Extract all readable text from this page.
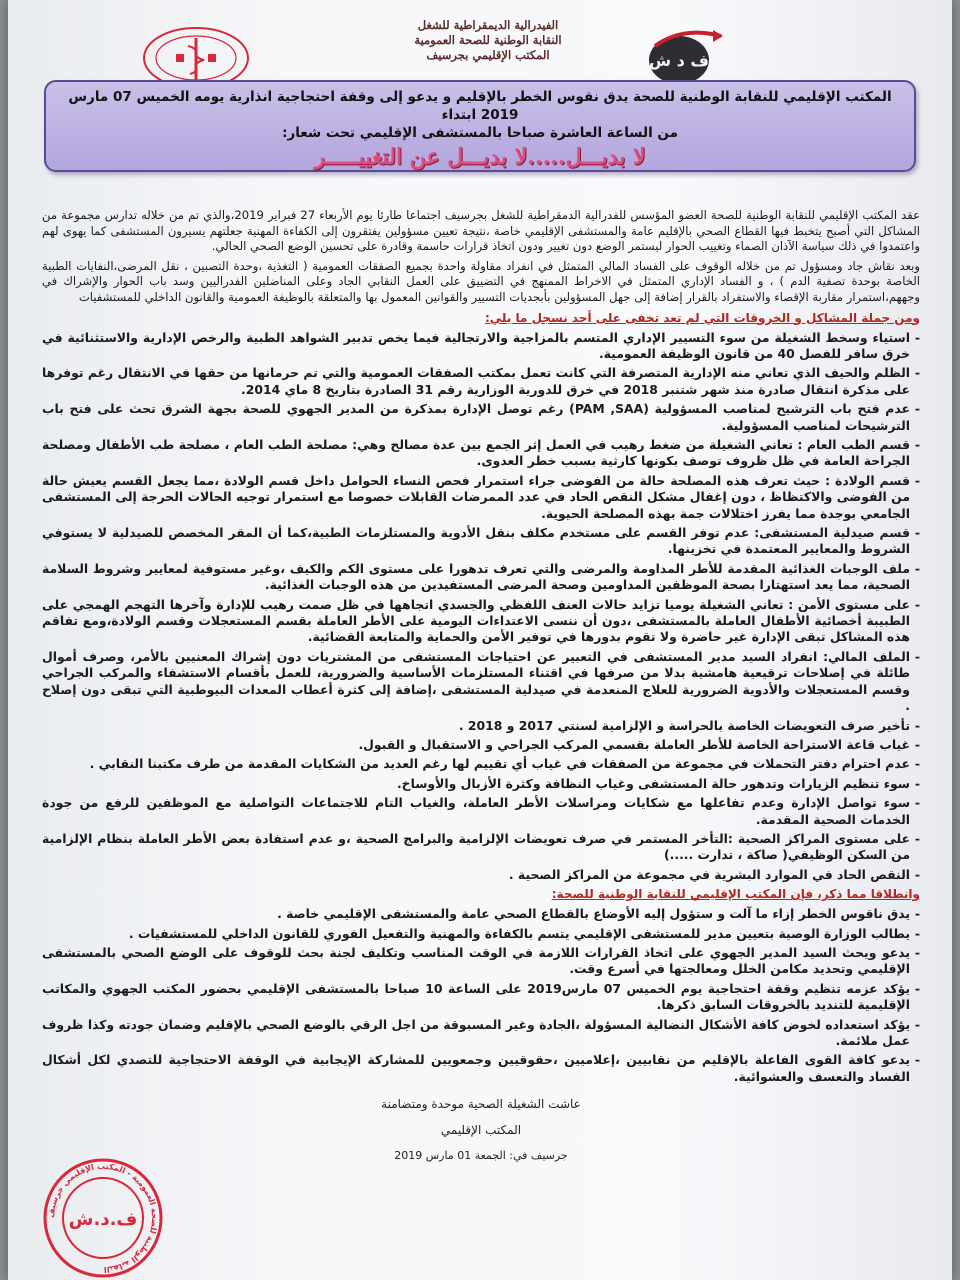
الفيدرالية الديمقراطية للشغل
النقابة الوطنية للصحة العمومية
المكتب الإقليمي بجرسيف	ف د ش
المكتب الإقليمي للنقابة الوطنية للصحة يدق نقوس الخطر بالإقليم و يدعو إلى وقفة احتجاجية انذارية يومه الخميس 07 مارس 2019 ابتداء
من الساعة العاشرة صباحا بالمستشفى الإقليمي تحت شعار:
لا بديـــل.....لا بديـــل عن التغييـــــر

عقد المكتب الإقليمي للنقابة الوطنية للصحة العضو المؤسس للفدرالية الدمقراطية للشغل بجرسيف اجتماعا طارئا يوم الأربعاء 27 فبراير 2019،والذي تم من خلاله تدارس مجموعة من المشاكل التي أصبح يتخبط فيها القطاع الصحي بالإقليم عامة والمستشفى الإقليمي خاصة ،نتيجة تعيين مسؤولين يفتقرون إلى الكفاءة المهنية جعلتهم يسيرون المستشفى كما يهوى لهم واعتمدوا في ذلك سياسة الآذان الصماء وتغييب الحوار ليستمر الوضع دون تغيير ودون اتخاذ قرارات حاسمة وقادرة على تحسين الوضع الصحي الحالي.

وبعد نقاش جاد ومسؤول تم من خلاله الوقوف على الفساد المالي المتمثل في انفراد مقاولة واحدة بجميع الصفقات العمومية ( التغذية ،وحدة التصبين ، نقل المرضى،النفايات الطبية الخاصة بوحدة تصفية الدم ) ، و الفساد الإداري المتمثل في الاخراط الممنهج في التضييق على العمل النقابي الجاد وعلى المناضلين الفدراليين وسد باب الحوار والإشراك في وجههم،استمرار مقاربة الإقصاء والاستفراد بالقرار إضافة إلى جهل المسؤولين بأبجديات التسيير والقوانين المعمول بها والمتعلقة بالوظيفة العمومية والقانون الداخلي للمستشفيات

ومن جملة المشاكل و الخروقات التي لم تعد تخفى على أحد نسجل ما يلي:
- استياء وسخط الشغيلة من سوء التسيير الإداري المتسم بالمزاجية والارتجالية فيما يخص تدبير الشواهد الطبية والرخص الإدارية والاستثنائية في خرق سافر للفصل 40 من قانون الوظيفة العمومية.
- الظلم والحيف الذي تعاني منه الإدارية المتصرفة التي كانت تعمل بمكتب الصفقات العمومية والتي تم حرمانها من حقها في الانتقال رغم توفرها على مذكرة انتقال صادرة منذ شهر شتنبر 2018 في خرق للدورية الوزارية رقم 31 الصادرة بتاريخ 8 ماي 2014.
- عدم فتح باب الترشيح لمناصب المسؤولية (PAM ,SAA) رغم توصل الإدارة بمذكرة من المدير الجهوي للصحة بجهة الشرق تحث على فتح باب الترشيحات لمناصب المسؤولية.
- قسم الطب العام : تعاني الشغيلة من ضغط رهيب في العمل إثر الجمع بين عدة مصالح وهي: مصلحة الطب العام ، مصلحة طب الأطفال ومصلحة الجراحة العامة في ظل ظروف توصف بكونها كارثية بسبب خطر العدوى.
- قسم الولادة : حيث تعرف هذه المصلحة حالة من الفوضى جراء استمرار فحص النساء الحوامل داخل قسم الولادة ،مما يجعل القسم يعيش حالة من الفوضى والاكتظاظ ، دون إغفال مشكل النقص الحاد في عدد الممرضات القابلات خصوصا مع استمرار توجيه الحالات الحرجة إلى المستشفى الجامعي بوجدة مما يفرز اختلالات جمة بهذه المصلحة الحيوية.
- قسم صيدلية المستشفى: عدم توفر القسم على مستخدم مكلف بنقل الأدوية والمستلزمات الطبية،كما أن المقر المخصص للصيدلية لا يستوفي الشروط والمعايير المعتمدة في تخزينها.
- ملف الوجبات الغذائية المقدمة للأطر المداومة والمرضى والتي تعرف تدهورا على مستوى الكم والكيف ،وغير مستوفية لمعايير وشروط السلامة الصحية، مما يعد استهتارا بصحة الموظفين المداومين وصحة المرضى المستفيدين من هذه الوجبات الغذائية.
- على مستوى الأمن : تعاني الشغيلة يوميا تزايد حالات العنف اللفظي والجسدي اتجاهها في ظل صمت رهيب للإدارة وآخرها التهجم الهمجي على الطبيبة أخصائية الأطفال العاملة بالمستشفى ،دون أن ننسى الاعتداءات اليومية على الأطر العاملة بقسم المستعجلات وقسم الولادة،ومع تفاقم هذه المشاكل تبقى الإدارة غير حاضرة ولا تقوم بدورها في توفير الأمن والحماية والمتابعة القضائية.
- الملف المالي: انفراد السيد مدير المستشفى في التعبير عن احتياجات المستشفى من المشتريات دون إشراك المعنيين بالأمر، وصرف أموال طائلة في إصلاحات ترقيعية هامشية بدلا من صرفها في اقتناء المستلزمات الأساسية والضرورية، للعمل بأقسام الاستشفاء والمركب الجراحي وقسم المستعجلات والأدوية الضرورية للعلاج المنعدمة في صيدلية المستشفى ،إضافة إلى كثرة أعطاب المعدات البيوطبية التي تبقى دون إصلاح .
- تأخير صرف التعويضات الخاصة بالحراسة و الإلزامية لسنتي 2017 و 2018 .
- غياب قاعة الاستراحة الخاصة للأطر العاملة بقسمي المركب الجراحي و الاستقبال و القبول.
- عدم احترام دفتر التحملات في مجموعة من الصفقات في غياب أي تقييم لها رغم العديد من الشكايات المقدمة من طرف مكتبنا النقابي .
- سوء تنظيم الزيارات وتدهور حالة المستشفى وغياب النظافة وكثرة الأزبال والأوساخ.
- سوء تواصل الإدارة وعدم تفاعلها مع شكايات ومراسلات الأطر العاملة، والغياب التام للاجتماعات التواصلية مع الموظفين للرفع من جودة الخدمات الصحية المقدمة.
- على مستوى المراكز الصحية :التأخر المستمر في صرف تعويضات الإلزامية والبرامج الصحية ،و عدم استفادة بعض الأطر العاملة بنظام الإلزامية من السكن الوظيفي( صاكة ، تدارت .....)
- النقص الحاد في الموارد البشرية في مجموعة من المراكز الصحية .
وانطلاقا مما ذكر، فإن المكتب الإقليمي للنقابة الوطنية للصحة:
- يدق ناقوس الخطر إزاء ما آلت و ستؤول إليه الأوضاع بالقطاع الصحي عامة والمستشفى الإقليمي خاصة .
- يطالب الوزارة الوصية بتعيين مدير للمستشفى الإقليمي يتسم بالكفاءة والمهنية والتفعيل الفوري للقانون الداخلي للمستشفيات .
- يدعو ويحث السيد المدير الجهوي على اتخاذ القرارات اللازمة في الوقت المناسب وتكليف لجنة بحث للوقوف على الوضع الصحي بالمستشفى الإقليمي وتحديد مكامن الخلل ومعالجتها في أسرع وقت.
- يؤكد عزمه تنظيم وقفة احتجاجية يوم الخميس 07 مارس2019 على الساعة 10 صباحا بالمستشفى الإقليمي بحضور المكتب الجهوي والمكاتب الإقليمية للتنديد بالخروقات السابق ذكرها.
- يؤكد استعداده لخوض كافة الأشكال النضالية المسؤولة ،الجادة وغير المسبوقة من اجل الرقي بالوضع الصحي بالإقليم وضمان جودته وكذا ظروف عمل ملائمة.
- يدعو كافة القوى الفاعلة بالإقليم من نقابيين ،إعلاميين ،حقوقيين وجمعويين للمشاركة الإيجابية في الوقفة الاحتجاجية للتصدي لكل أشكال الفساد والتعسف والعشوائية.
عاشت الشغيلة الصحية موحدة ومتضامنة
المكتب الإقليمي
جرسيف في: الجمعة 01 مارس 2019
النقابة الوطنية للصحة العمومية - المكتب الإقليمي جرسيف
ف.د.ش
